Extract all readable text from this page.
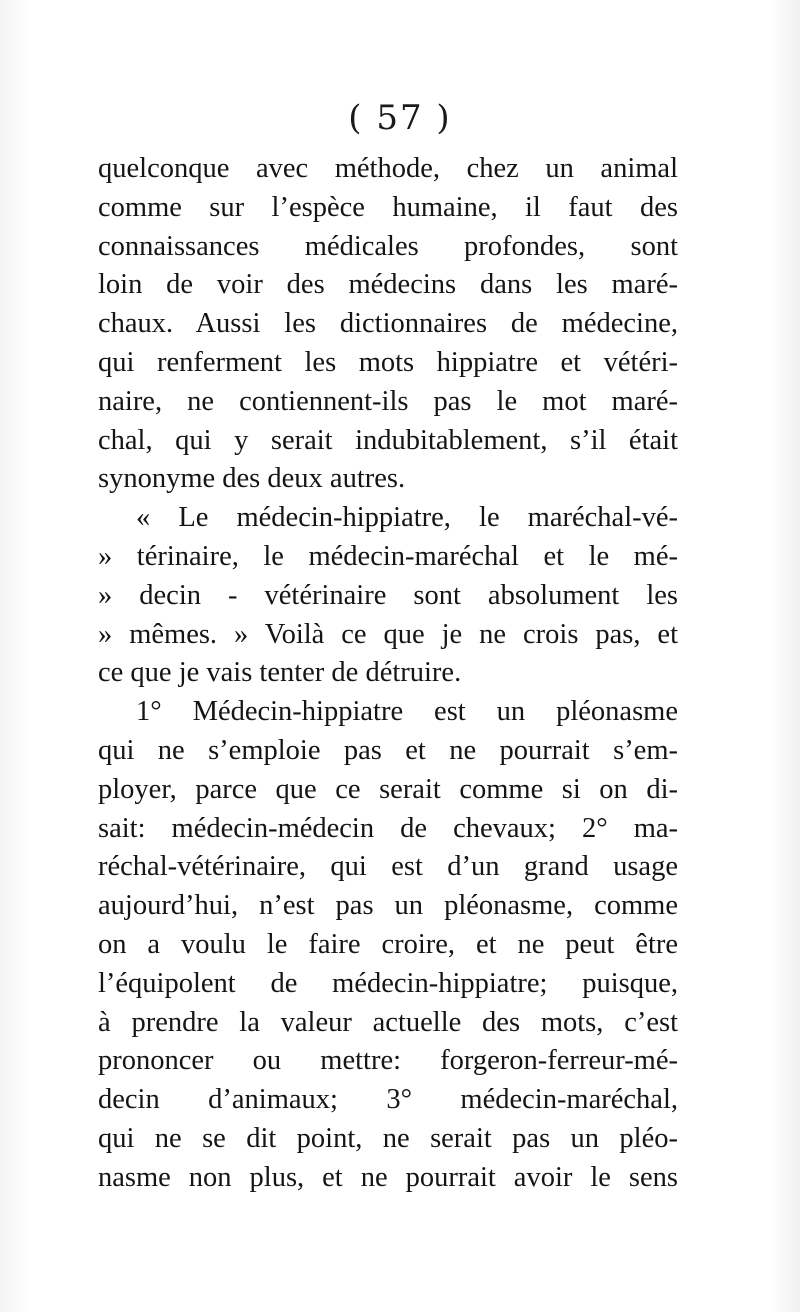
( 57 )
quelconque avec méthode, chez un animal
comme sur l’espèce humaine, il faut des
connaissances médicales profondes, sont
loin de voir des médecins dans les maré-
chaux. Aussi les dictionnaires de médecine,
qui renferment les mots hippiatre et vétéri-
naire, ne contiennent-ils pas le mot maré-
chal, qui y serait indubitablement, s’il était
synonyme des deux autres.
« Le médecin-hippiatre, le maréchal-vé-
» térinaire, le médecin-maréchal et le mé-
» decin - vétérinaire sont absolument les
» mêmes. » Voilà ce que je ne crois pas, et
ce que je vais tenter de détruire.
1° Médecin-hippiatre est un pléonasme
qui ne s’emploie pas et ne pourrait s’em-
ployer, parce que ce serait comme si on di-
sait: médecin-médecin de chevaux; 2° ma-
réchal-vétérinaire, qui est d’un grand usage
aujourd’hui, n’est pas un pléonasme, comme
on a voulu le faire croire, et ne peut être
l’équipolent de médecin-hippiatre; puisque,
à prendre la valeur actuelle des mots, c’est
prononcer ou mettre: forgeron-ferreur-mé-
decin d’animaux; 3° médecin-maréchal,
qui ne se dit point, ne serait pas un pléo-
nasme non plus, et ne pourrait avoir le sens
